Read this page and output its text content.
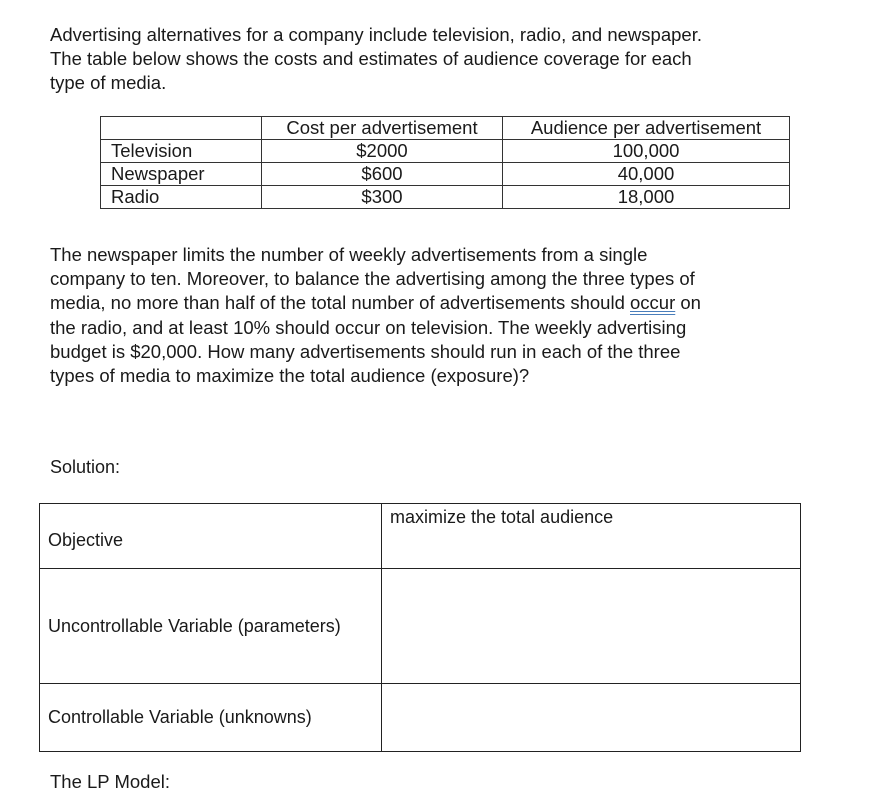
Advertising alternatives for a company include television, radio, and newspaper.
The table below shows the costs and estimates of audience coverage for each
type of media.

	Cost per advertisement	Audience per advertisement
Television	$2000	100,000
Newspaper	$600	40,000
Radio	$300	18,000

The newspaper limits the number of weekly advertisements from a single
company to ten. Moreover, to balance the advertising among the three types of
media, no more than half of the total number of advertisements should occur on
the radio, and at least 10% should occur on television. The weekly advertising
budget is $20,000. How many advertisements should run in each of the three
types of media to maximize the total audience (exposure)?

Solution:

Objective	maximize the total audience
Uncontrollable Variable (parameters)	
Controllable Variable (unknowns)	

The LP Model:
